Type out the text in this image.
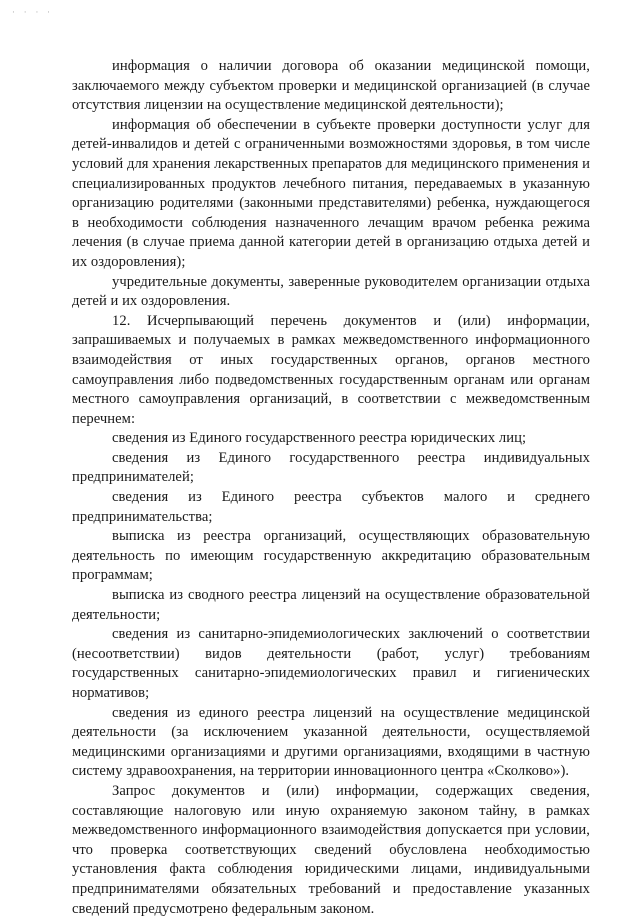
· · · ·

информация о наличии договора об оказании медицинской помощи, заключаемого между субъектом проверки и медицинской организацией (в случае отсутствия лицензии на осуществление медицинской деятельности);

информация об обеспечении в субъекте проверки доступности услуг для детей-инвалидов и детей с ограниченными возможностями здоровья, в том числе условий для хранения лекарственных препаратов для медицинского применения и специализированных продуктов лечебного питания, передаваемых в указанную организацию родителями (законными представителями) ребенка, нуждающегося в необходимости соблюдения назначенного лечащим врачом ребенка режима лечения (в случае приема данной категории детей в организацию отдыха детей и их оздоровления);

учредительные документы, заверенные руководителем организации отдыха детей и их оздоровления.

12. Исчерпывающий перечень документов и (или) информации, запрашиваемых и получаемых в рамках межведомственного информационного взаимодействия от иных государственных органов, органов местного самоуправления либо подведомственных государственным органам или органам местного самоуправления организаций, в соответствии с межведомственным перечнем:

сведения из Единого государственного реестра юридических лиц;

сведения из Единого государственного реестра индивидуальных предпринимателей;

сведения из Единого реестра субъектов малого и среднего предпринимательства;

выписка из реестра организаций, осуществляющих образовательную деятельность по имеющим государственную аккредитацию образовательным программам;

выписка из сводного реестра лицензий на осуществление образовательной деятельности;

сведения из санитарно-эпидемиологических заключений о соответствии (несоответствии) видов деятельности (работ, услуг) требованиям государственных санитарно-эпидемиологических правил и гигиенических нормативов;

сведения из единого реестра лицензий на осуществление медицинской деятельности (за исключением указанной деятельности, осуществляемой медицинскими организациями и другими организациями, входящими в частную систему здравоохранения, на территории инновационного центра «Сколково»).

Запрос документов и (или) информации, содержащих сведения, составляющие налоговую или иную охраняемую законом тайну, в рамках межведомственного информационного взаимодействия допускается при условии, что проверка соответствующих сведений обусловлена необходимостью установления факта соблюдения юридическими лицами, индивидуальными предпринимателями обязательных требований и предоставление указанных сведений предусмотрено федеральным законом.
